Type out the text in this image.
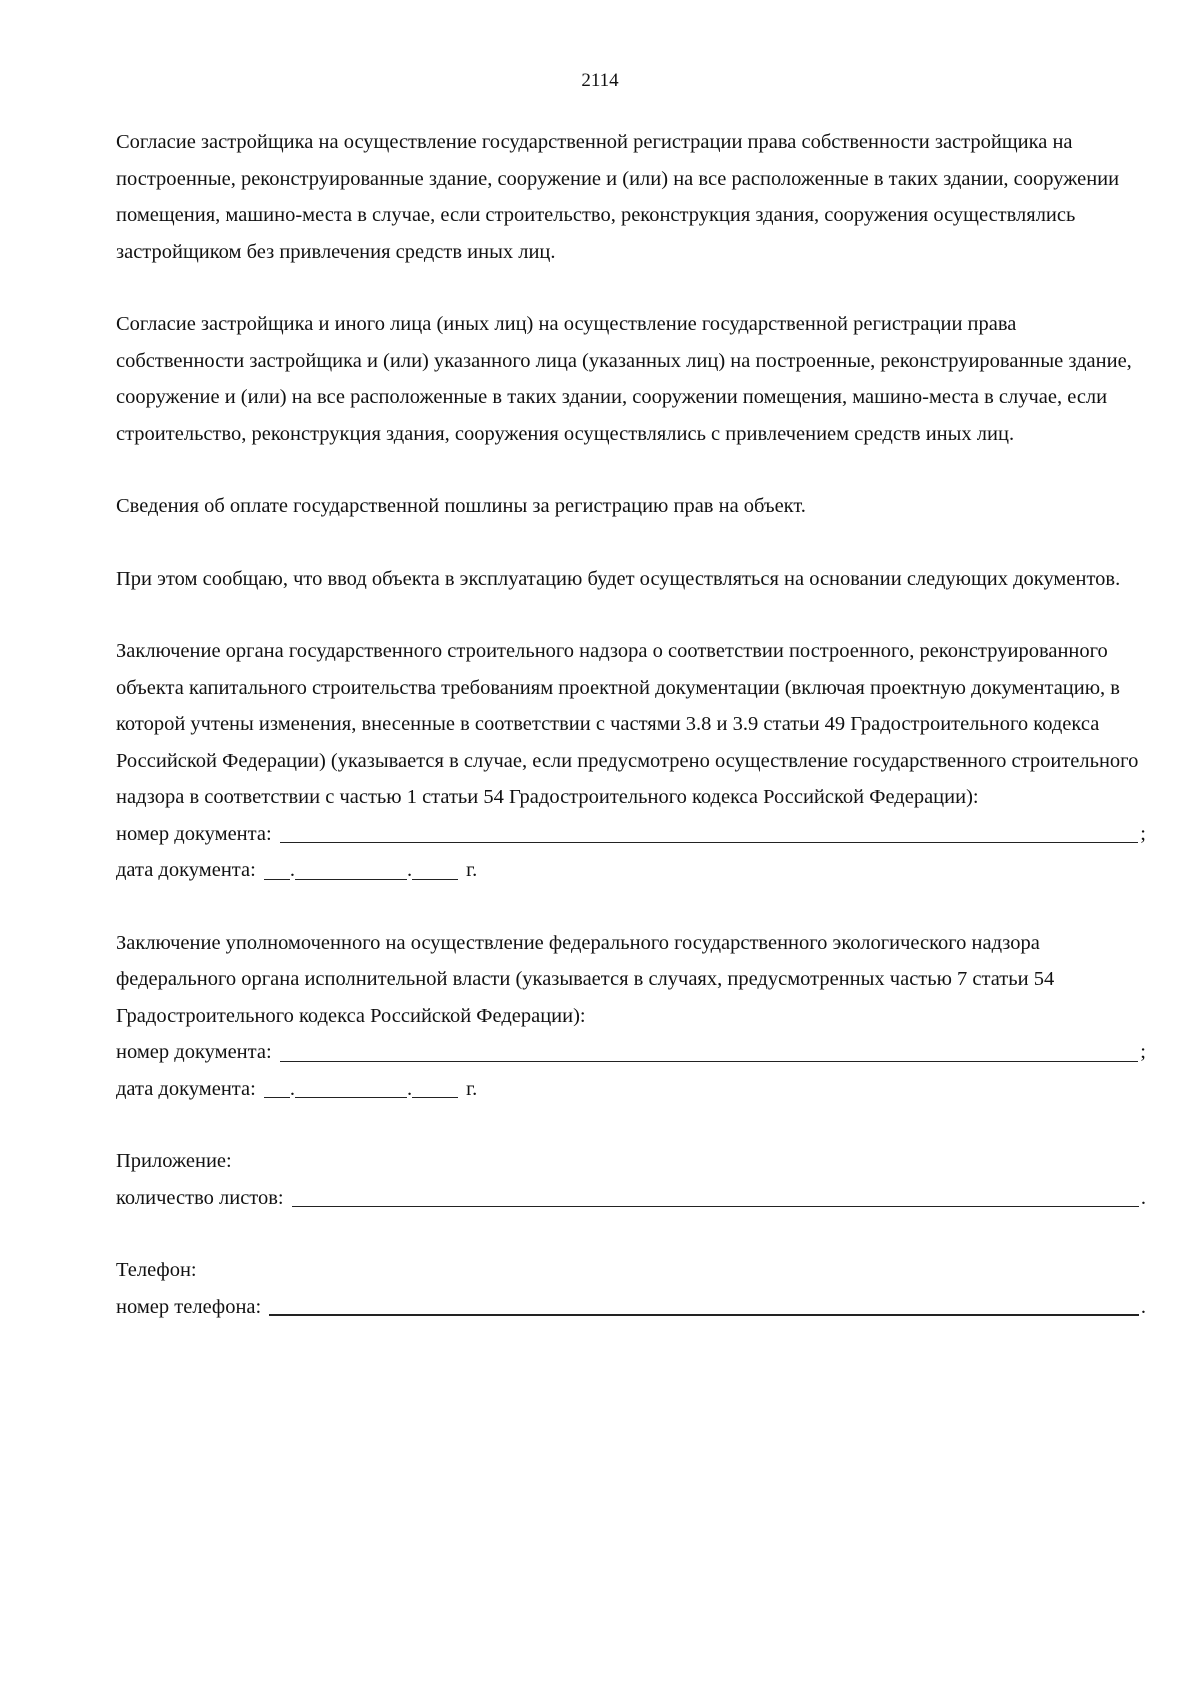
2114

Согласие застройщика на осуществление государственной регистрации права собственности застройщика на построенные, реконструированные здание, сооружение и (или) на все расположенные в таких здании, сооружении помещения, машино-места в случае, если строительство, реконструкция здания, сооружения осуществлялись застройщиком без привлечения средств иных лиц.

Согласие застройщика и иного лица (иных лиц) на осуществление государственной регистрации права собственности застройщика и (или) указанного лица (указанных лиц) на построенные, реконструированные здание, сооружение и (или) на все расположенные в таких здании, сооружении помещения, машино-места в случае, если строительство, реконструкция здания, сооружения осуществлялись с привлечением средств иных лиц.

Сведения об оплате государственной пошлины за регистрацию прав на объект.

При этом сообщаю, что ввод объекта в эксплуатацию будет осуществляться на основании следующих документов.

Заключение органа государственного строительного надзора о соответствии построенного, реконструированного объекта капитального строительства требованиям проектной документации (включая проектную документацию, в которой учтены изменения, внесенные в соответствии с частями 3.8 и 3.9 статьи 49 Градостроительного кодекса Российской Федерации) (указывается в случае, если предусмотрено осуществление государственного строительного надзора в соответствии с частью 1 статьи 54 Градостроительного кодекса Российской Федерации):

номер документа:	;
дата документа: .	.	г.

Заключение уполномоченного на осуществление федерального государственного экологического надзора федерального органа исполнительной власти (указывается в случаях, предусмотренных частью 7 статьи 54 Градостроительного кодекса Российской Федерации):

номер документа:	;
дата документа: .	.	г.
Приложение:
количество листов:	.
Телефон:
номер телефона:	.
